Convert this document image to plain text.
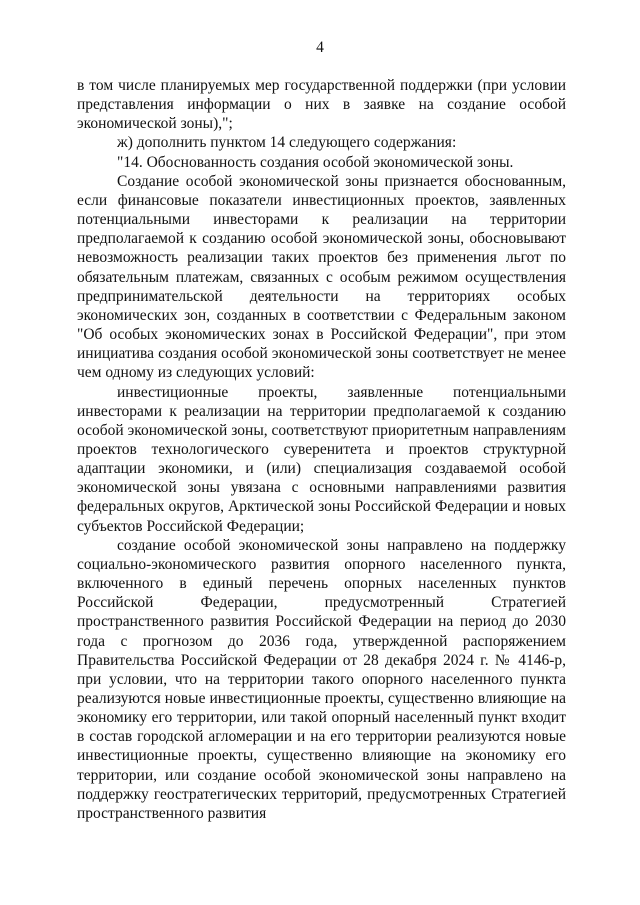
4

в том числе планируемых мер государственной поддержки (при условии представления информации о них в заявке на создание особой экономической зоны),";

ж) дополнить пунктом 14 следующего содержания:

"14. Обоснованность создания особой экономической зоны.

Создание особой экономической зоны признается обоснованным, если финансовые показатели инвестиционных проектов, заявленных потенциальными инвесторами к реализации на территории предполагаемой к созданию особой экономической зоны, обосновывают невозможность реализации таких проектов без применения льгот по обязательным платежам, связанных с особым режимом осуществления предпринимательской деятельности на территориях особых экономических зон, созданных в соответствии с Федеральным законом "Об особых экономических зонах в Российской Федерации", при этом инициатива создания особой экономической зоны соответствует не менее чем одному из следующих условий:

инвестиционные проекты, заявленные потенциальными инвесторами к реализации на территории предполагаемой к созданию особой экономической зоны, соответствуют приоритетным направлениям проектов технологического суверенитета и проектов структурной адаптации экономики, и (или) специализация создаваемой особой экономической зоны увязана с основными направлениями развития федеральных округов, Арктической зоны Российской Федерации и новых субъектов Российской Федерации;

создание особой экономической зоны направлено на поддержку социально-экономического развития опорного населенного пункта, включенного в единый перечень опорных населенных пунктов Российской Федерации, предусмотренный Стратегией пространственного развития Российской Федерации на период до 2030 года с прогнозом до 2036 года, утвержденной распоряжением Правительства Российской Федерации от 28 декабря 2024 г. № 4146-р, при условии, что на территории такого опорного населенного пункта реализуются новые инвестиционные проекты, существенно влияющие на экономику его территории, или такой опорный населенный пункт входит в состав городской агломерации и на его территории реализуются новые инвестиционные проекты, существенно влияющие на экономику его территории, или создание особой экономической зоны направлено на поддержку геостратегических территорий, предусмотренных Стратегией пространственного развития
